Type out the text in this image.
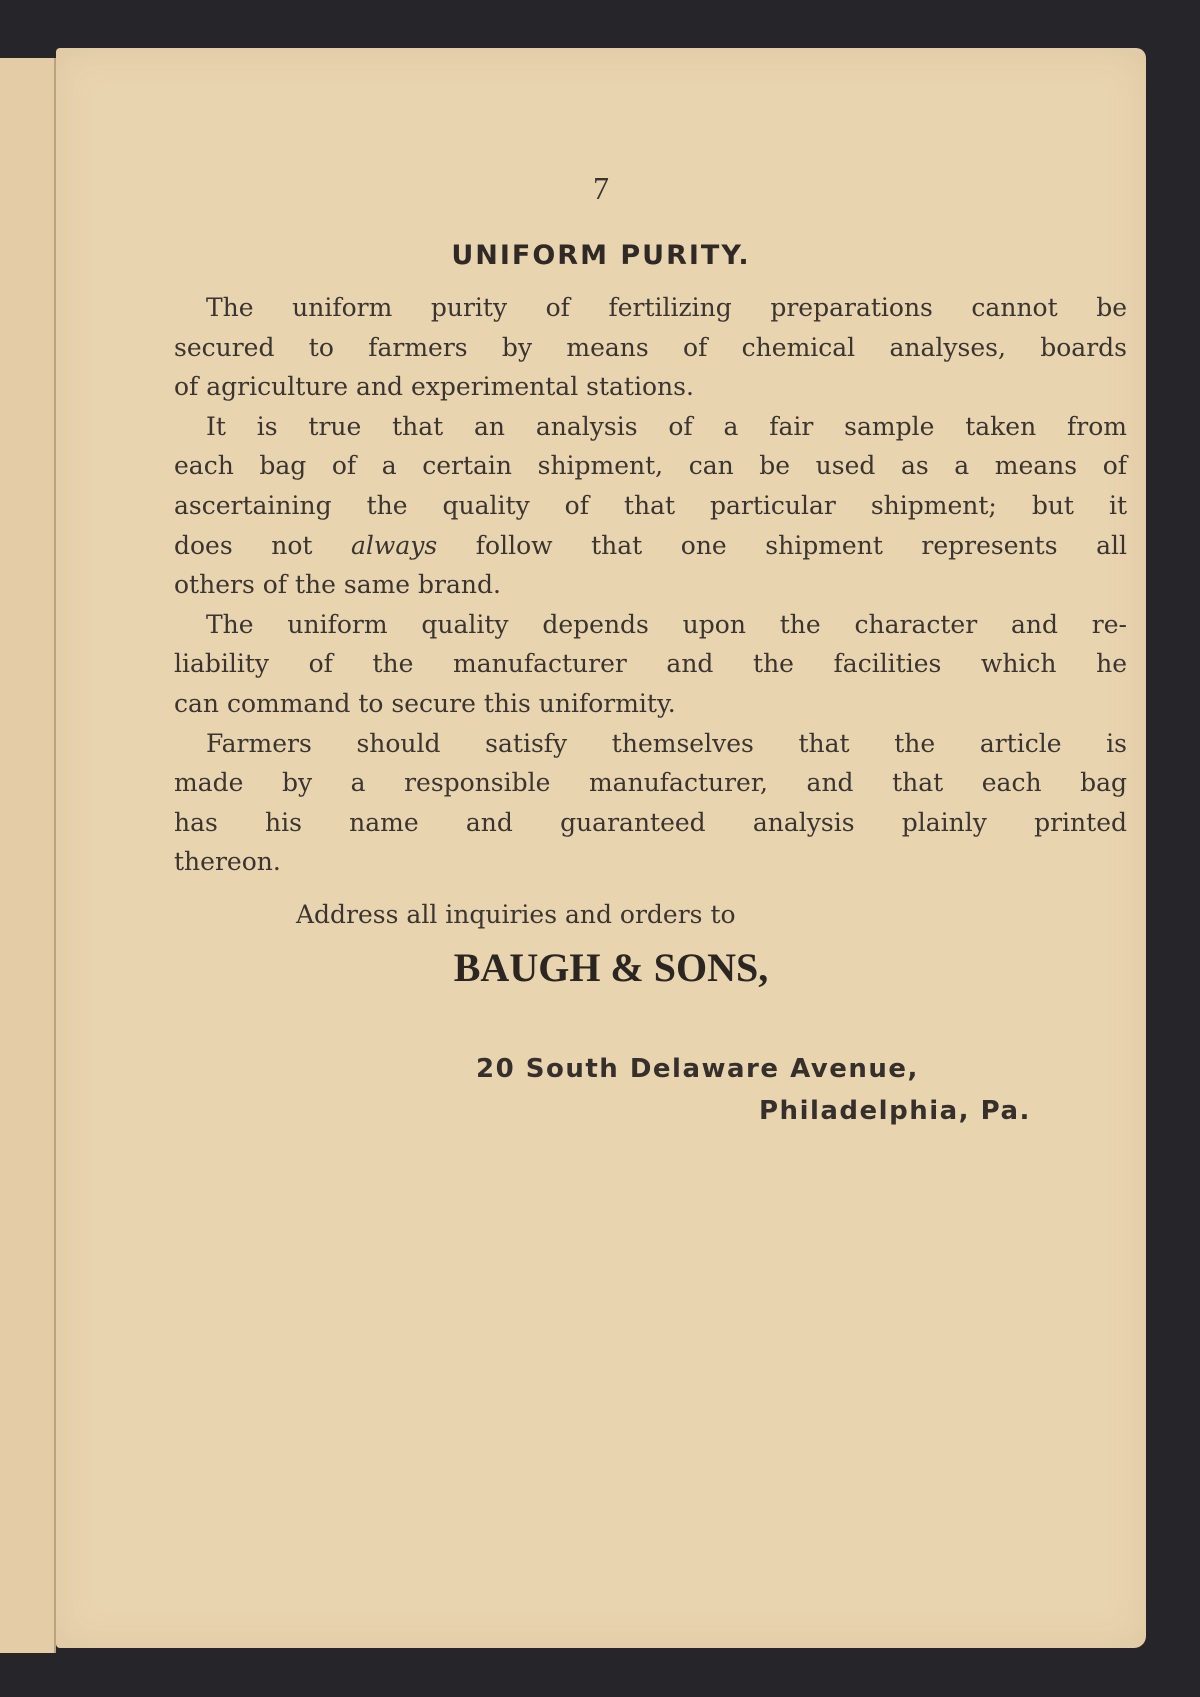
7
UNIFORM PURITY.
The uniform purity of fertilizing preparations cannot be
secured to farmers by means of chemical analyses, boards
of agriculture and experimental stations.
It is true that an analysis of a fair sample taken from
each bag of a certain shipment, can be used as a means of
ascertaining the quality of that particular shipment; but it
does not always follow that one shipment represents all
others of the same brand.
The uniform quality depends upon the character and re-
liability of the manufacturer and the facilities which he
can command to secure this uniformity.
Farmers should satisfy themselves that the article is
made by a responsible manufacturer, and that each bag
has his name and guaranteed analysis plainly printed
thereon.
Address all inquiries and orders to
BAUGH & SONS,
20 South Delaware Avenue,
Philadelphia, Pa.
